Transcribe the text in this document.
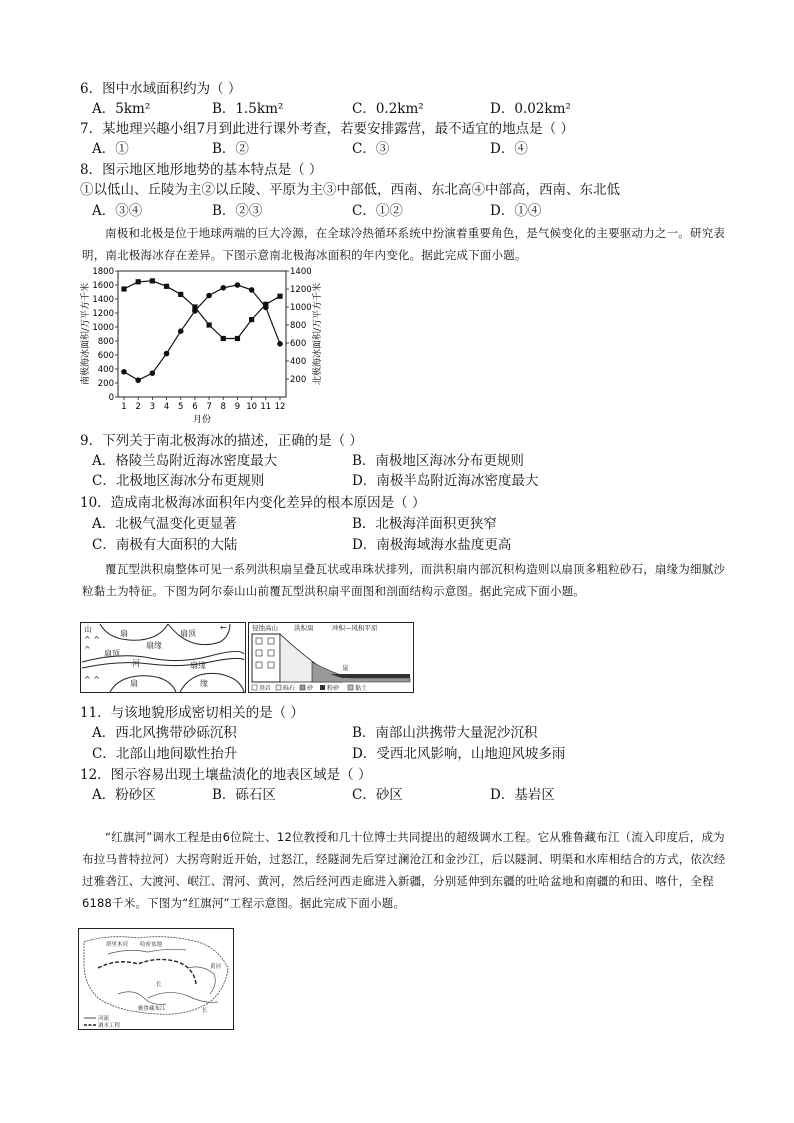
6．图中水域面积约为（ ）
A．5km²	B．1.5km²	C．0.2km²	D．0.02km²
7．某地理兴趣小组7月到此进行课外考查，若要安排露营，最不适宜的地点是（ ）
A．①	B．②	C．③	D．④
8．图示地区地形地势的基本特点是（ ）
①以低山、丘陵为主②以丘陵、平原为主③中部低，西南、东北高④中部高，西南、东北低
A．③④	B．②③	C．①②	D．①④

南极和北极是位于地球两端的巨大冷源，在全球冷热循环系统中扮演着重要角色，是气候变化的主要驱动力之一。研究表明，南北极海冰存在差异。下图示意南北极海冰面积的年内变化。据此完成下面小题。

0
200
400
600
800
1000
1200
1400
1600
1800
200
400
600
800
1000
1200
1400
1 2 3 4 5 6 7 8 9 10 11 12
南极海冰面积/万平方千米	北极海冰面积/万平方千米
月份
9．下列关于南北极海冰的描述，正确的是（ ）
A．格陵兰岛附近海冰密度最大	B．南极地区海冰分布更规则
C．北极地区海冰分布更规则	D．南极半岛附近海冰密度最大
10．造成南北极海冰面积年内变化差异的根本原因是（ ）
A．北极气温变化更显著	B．北极海洋面积更狭窄
C．南极有大面积的大陆	D．南极海域海水盐度更高

覆瓦型洪积扇整体可见一系列洪积扇呈叠瓦状或串珠状排列，而洪积扇内部沉积构造则以扇顶多粗粒砂石，扇缘为细腻沙粒黏土为特征。下图为阿尔泰山山前覆瓦型洪积扇平面图和剖面结构示意图。据此完成下面小题。

山
^ ^
^
^ ^
扇
扇顶
扇缘
扇顶
河	扇缘
扇	缘
←	侵蚀高山 洪积扇	冲积—风积平原
泉
基岩 砾石 砂 粉砂	黏土
11．与该地貌形成密切相关的是（ ）
A．西北风携带砂砾沉积	B．南部山洪携带大量泥沙沉积
C．北部山地间歇性抬升	D．受西北风影响，山地迎风坡多雨
12．图示容易出现土壤盐渍化的地表区域是（ ）
A．粉砂区	B．砾石区	C．砂区	D．基岩区

“红旗河”调水工程是由6位院士、12位教授和几十位博士共同提出的超级调水工程。它从雅鲁藏布江（流入印度后，成为布拉马普特拉河）大拐弯附近开始，过怒江，经隧洞先后穿过澜沧江和金沙江，后以隧洞、明渠和水库相结合的方式，依次经过雅砻江、大渡河、岷江、渭河、黄河，然后经河西走廊进入新疆，分别延伸到东疆的吐哈盆地和南疆的和田、喀什，全程6188千米。下图为“红旗河”工程示意图。据此完成下面小题。

塔里木河 哈密盆地
黄河
长
雅鲁藏布江	长
河流
调水工程
